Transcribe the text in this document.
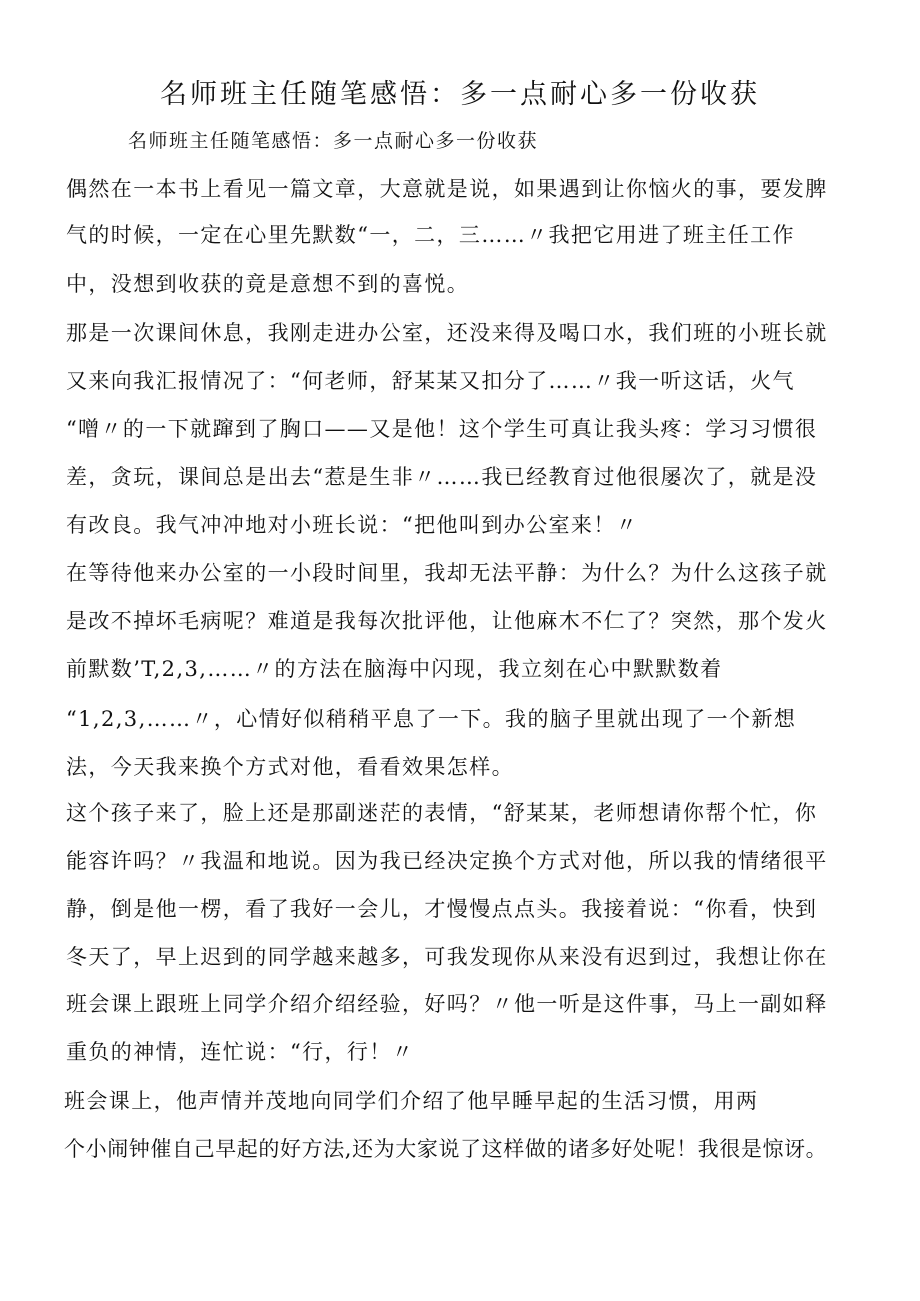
名师班主任随笔感悟：多一点耐心多一份收获
名师班主任随笔感悟：多一点耐心多一份收获
偶然在一本书上看见一篇文章，大意就是说，如果遇到让你恼火的事，要发脾
气的时候，一定在心里先默数“一，二，三……〃我把它用进了班主任工作
中，没想到收获的竟是意想不到的喜悦。
那是一次课间休息，我刚走进办公室，还没来得及喝口水，我们班的小班长就
又来向我汇报情况了：“何老师，舒某某又扣分了……〃我一听这话，火气
“噌〃的一下就蹿到了胸口——又是他！这个学生可真让我头疼：学习习惯很
差，贪玩，课间总是出去“惹是生非〃……我已经教育过他很屡次了，就是没
有改良。我气冲冲地对小班长说：“把他叫到办公室来！〃
在等待他来办公室的一小段时间里，我却无法平静：为什么？为什么这孩子就
是改不掉坏毛病呢？难道是我每次批评他，让他麻木不仁了？突然，那个发火
前默数’T,2,3,……〃的方法在脑海中闪现，我立刻在心中默默数着
“1,2,3,……〃，心情好似稍稍平息了一下。我的脑子里就出现了一个新想
法，今天我来换个方式对他，看看效果怎样。
这个孩子来了，脸上还是那副迷茫的表情，“舒某某，老师想请你帮个忙，你
能容许吗？〃我温和地说。因为我已经决定换个方式对他，所以我的情绪很平
静，倒是他一楞，看了我好一会儿，才慢慢点点头。我接着说：“你看，快到
冬天了，早上迟到的同学越来越多，可我发现你从来没有迟到过，我想让你在
班会课上跟班上同学介绍介绍经验，好吗？〃他一听是这件事，马上一副如释
重负的神情，连忙说：“行，行！〃
班会课上，他声情并茂地向同学们介绍了他早睡早起的生活习惯，用两
个小闹钟催自己早起的好方法,还为大家说了这样做的诸多好处呢！我很是惊讶。
